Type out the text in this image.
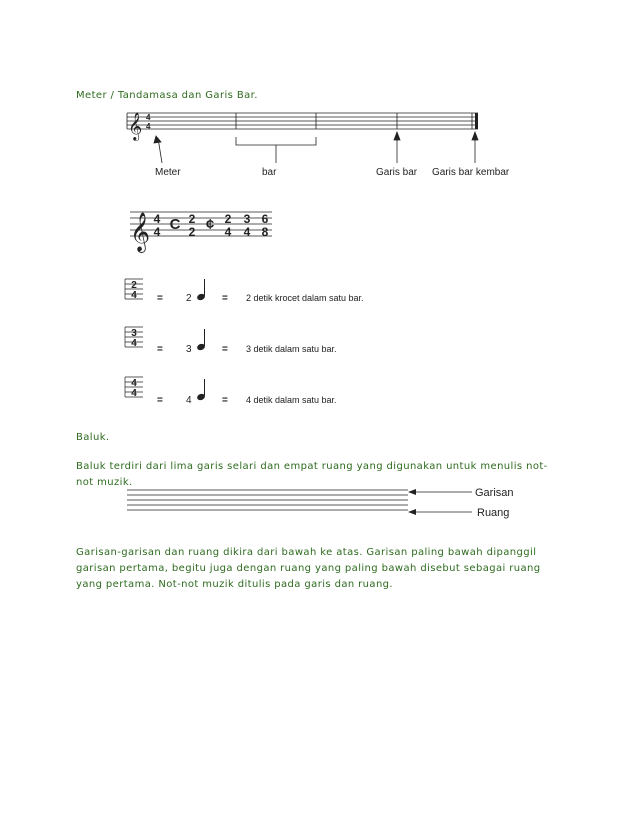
Meter / Tandamasa dan Garis Bar.
𝄞 4
4
Meter	bar	Garis bar Garis bar kembar
𝄞 4
4 C 2
2 ¢ 2
4
3
4
6
8
2
4 = 2	= 2 detik krocet dalam satu bar.
3
4
= 3	= 3 detik dalam satu bar.
4
4
= 4	= 4 detik dalam satu bar.
Baluk.
Baluk terdiri dari lima garis selari dan empat ruang yang digunakan untuk menulis not-not muzik.
Garisan
Ruang
Garisan-garisan dan ruang dikira dari bawah ke atas. Garisan paling bawah dipanggil garisan pertama, begitu juga dengan ruang yang paling bawah disebut sebagai ruang yang pertama. Not-not muzik ditulis pada garis dan ruang.
